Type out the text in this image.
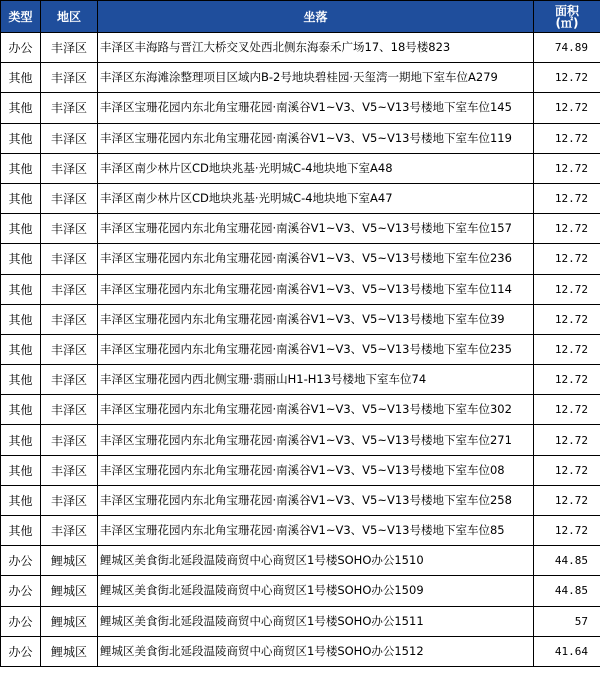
类型	地区	坐落	面积
(㎡)

办公	丰泽区	丰泽区丰海路与晋江大桥交叉处西北侧东海泰禾广场17、18号楼823	74.89
其他	丰泽区	丰泽区东海滩涂整理项目区域内B-2号地块碧桂园·天玺湾一期地下室车位A279	12.72
其他	丰泽区	丰泽区宝珊花园内东北角宝珊花园·南溪谷V1~V3、V5~V13号楼地下室车位145	12.72
其他	丰泽区	丰泽区宝珊花园内东北角宝珊花园·南溪谷V1~V3、V5~V13号楼地下室车位119	12.72
其他	丰泽区	丰泽区南少林片区CD地块兆基·光明城C-4地块地下室A48	12.72
其他	丰泽区	丰泽区南少林片区CD地块兆基·光明城C-4地块地下室A47	12.72
其他	丰泽区	丰泽区宝珊花园内东北角宝珊花园·南溪谷V1~V3、V5~V13号楼地下室车位157	12.72
其他	丰泽区	丰泽区宝珊花园内东北角宝珊花园·南溪谷V1~V3、V5~V13号楼地下室车位236	12.72
其他	丰泽区	丰泽区宝珊花园内东北角宝珊花园·南溪谷V1~V3、V5~V13号楼地下室车位114	12.72
其他	丰泽区	丰泽区宝珊花园内东北角宝珊花园·南溪谷V1~V3、V5~V13号楼地下室车位39	12.72
其他	丰泽区	丰泽区宝珊花园内东北角宝珊花园·南溪谷V1~V3、V5~V13号楼地下室车位235	12.72
其他	丰泽区	丰泽区宝珊花园内西北侧宝珊·翡丽山H1-H13号楼地下室车位74	12.72
其他	丰泽区	丰泽区宝珊花园内东北角宝珊花园·南溪谷V1~V3、V5~V13号楼地下室车位302	12.72
其他	丰泽区	丰泽区宝珊花园内东北角宝珊花园·南溪谷V1~V3、V5~V13号楼地下室车位271	12.72
其他	丰泽区	丰泽区宝珊花园内东北角宝珊花园·南溪谷V1~V3、V5~V13号楼地下室车位08	12.72
其他	丰泽区	丰泽区宝珊花园内东北角宝珊花园·南溪谷V1~V3、V5~V13号楼地下室车位258	12.72
其他	丰泽区	丰泽区宝珊花园内东北角宝珊花园·南溪谷V1~V3、V5~V13号楼地下室车位85	12.72
办公	鲤城区	鲤城区美食街北延段温陵商贸中心商贸区1号楼SOHO办公1510	44.85
办公	鲤城区	鲤城区美食街北延段温陵商贸中心商贸区1号楼SOHO办公1509	44.85
办公	鲤城区	鲤城区美食街北延段温陵商贸中心商贸区1号楼SOHO办公1511	57
办公	鲤城区	鲤城区美食街北延段温陵商贸中心商贸区1号楼SOHO办公1512	41.64
